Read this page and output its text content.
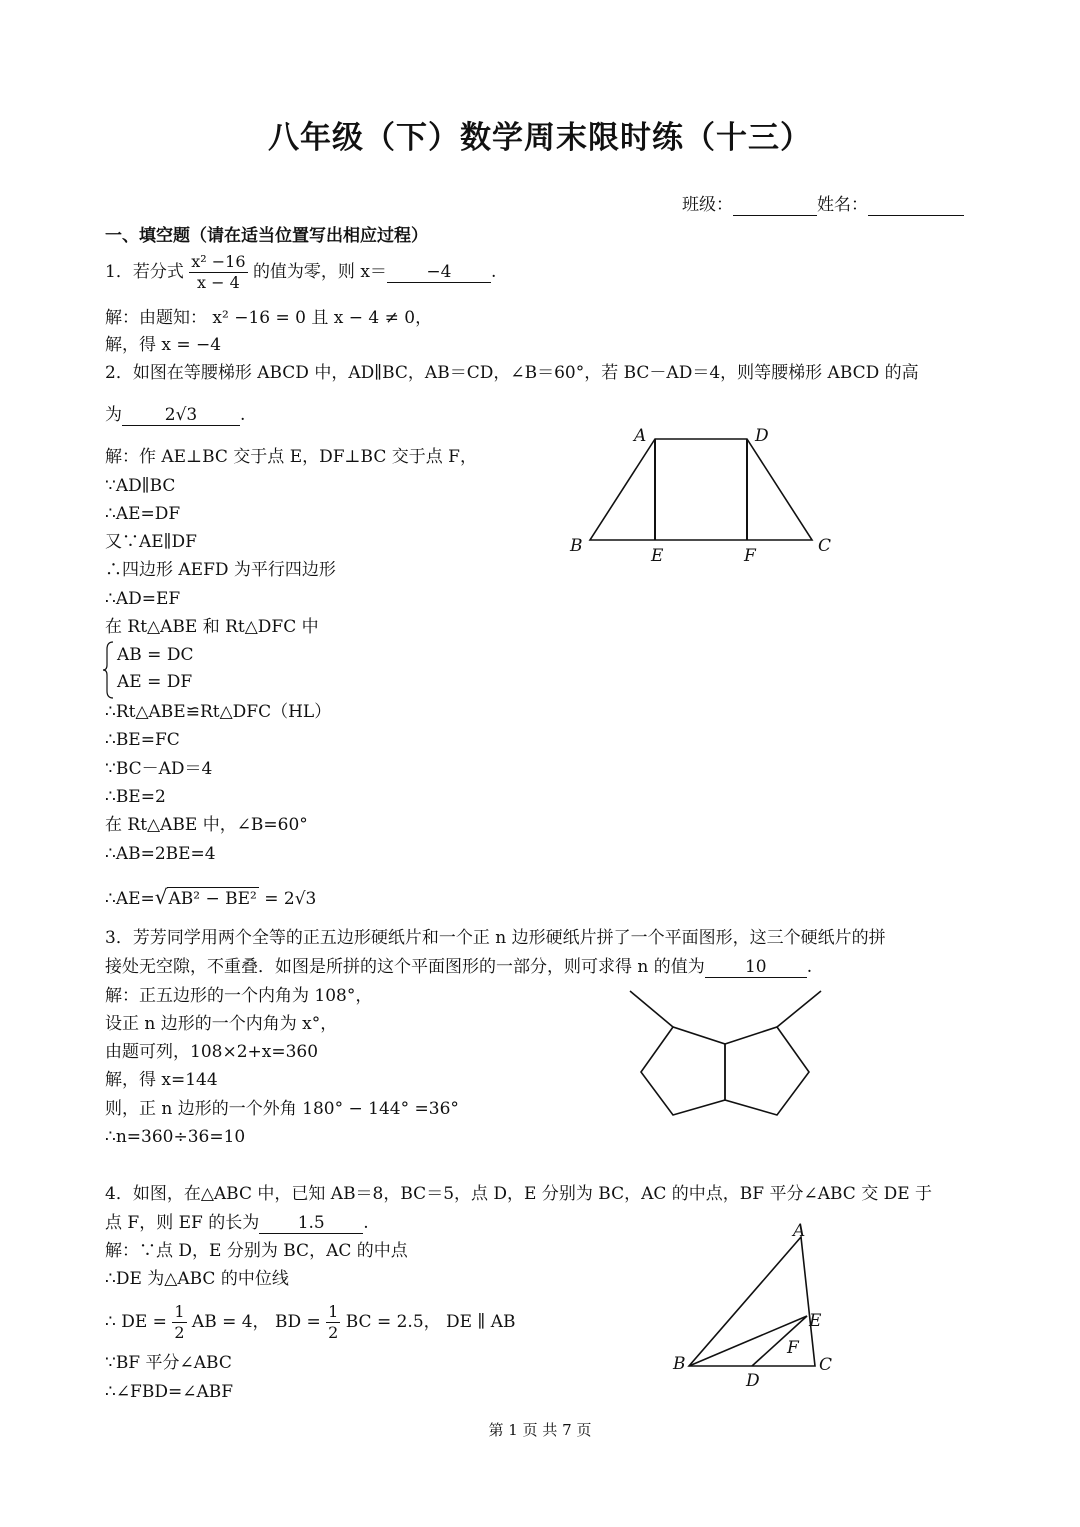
八年级（下）数学周末限时练（十三）
班级：	姓名：
一、填空题（请在适当位置写出相应过程）
1．若分式 $\frac{\text{x² −16}}{x - 4}$ 的值为零，则 x＝ −4 .
解：由题知： x² −16 = 0 且 x − 4 ≠ 0，
解，得 x = −4
2．如图在等腰梯形 ABCD 中，AD∥BC，AB＝CD，∠B＝60°，若 BC－AD＝4，则等腰梯形 ABCD 的高
为	2√3	.
解：作 AE⊥BC 交于点 E，DF⊥BC 交于点 F，
∵AD∥BC
∴AE=DF
又∵AE∥DF
∴四边形 AEFD 为平行四边形
∴AD=EF
在 Rt△ABE 和 Rt△DFC 中
AB = DC
AE = DF
∴Rt△ABE≌Rt△DFC（HL）
∴BE=FC
∵BC－AD＝4
∴BE=2
在 Rt△ABE 中，∠B=60°
∴AB=2BE=4
∴AE=√AB² − BE² = 2√3
A	D
B	E	F	C
3．芳芳同学用两个全等的正五边形硬纸片和一个正 n 边形硬纸片拼了一个平面图形，这三个硬纸片的拼
接处无空隙，不重叠．如图是所拼的这个平面图形的一部分，则可求得 n 的值为 10 .
解：正五边形的一个内角为 108°，
设正 n 边形的一个内角为 x°，
由题可列，108×2+x=360
解，得 x=144
则，正 n 边形的一个外角 180° − 144° =36°
∴n=360÷36=10
4．如图，在△ABC 中，已知 AB＝8，BC＝5，点 D，E 分别为 BC，AC 的中点，BF 平分∠ABC 交 DE 于
点 F，则 EF 的长为 1.5 .
解：∵点 D，E 分别为 BC，AC 的中点
∴DE 为△ABC 的中位线
∴ DE = $\frac{1}{2}$ AB = 4， BD = $\frac{1}{2}$ BC = 2.5， DE ∥ AB
∵BF 平分∠ABC
∴∠FBD=∠ABF
A
E
F
B
D
C
第 1 页 共 7 页
